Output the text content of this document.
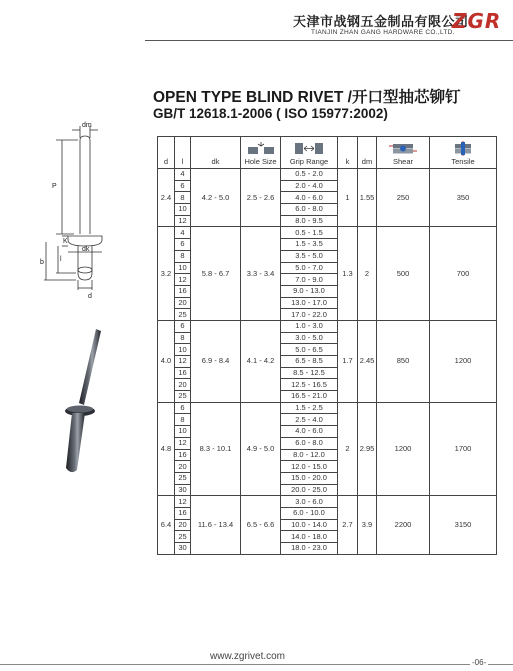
天津市战钢五金制品有限公司
TIANJIN ZHAN GANG HARDWARE CO.,LTD.
ZGR
OPEN TYPE BLIND RIVET /开口型抽芯铆钉
GB/T 12618.1-2006 ( ISO 15977:2002)
dm
P
K
dk
b l
d
d	l	dk	Hole Size	Grip Range	k	dm	Shear	Tensile
2.4	4	4.2 - 5.0	2.5 - 2.6	0.5 - 2.0	1	1.55	250	350
	6			2.0 - 4.0				
	8			4.0 - 6.0				
	10			6.0 - 8.0				
	12			8.0 - 9.5				
3.2	4	5.8 - 6.7	3.3 - 3.4	0.5 - 1.5	1.3	2	500	700
	6			1.5 - 3.5				
	8			3.5 - 5.0				
	10			5.0 - 7.0				
	12			7.0 - 9.0				
	16			9.0 - 13.0				
	20			13.0 - 17.0				
	25			17.0 - 22.0				
4.0	6	6.9 - 8.4	4.1 - 4.2	1.0 - 3.0	1.7	2.45	850	1200
	8			3.0 - 5.0				
	10			5.0 - 6.5				
	12			6.5 - 8.5				
	16			8.5 - 12.5				
	20			12.5 - 16.5				
	25			16.5 - 21.0				
4.8	6	8.3 - 10.1	4.9 - 5.0	1.5 - 2.5	2	2.95	1200	1700
	8			2.5 - 4.0				
	10			4.0 - 6.0				
	12			6.0 - 8.0				
	16			8.0 - 12.0				
	20			12.0 - 15.0				
	25			15.0 - 20.0				
	30			20.0 - 25.0				
6.4	12	11.6 - 13.4	6.5 - 6.6	3.0 - 6.0	2.7	3.9	2200	3150
	16			6.0 - 10.0				
	20			10.0 - 14.0				
	25			14.0 - 18.0				
	30			18.0 - 23.0				
www.zgrivet.com
-06-
